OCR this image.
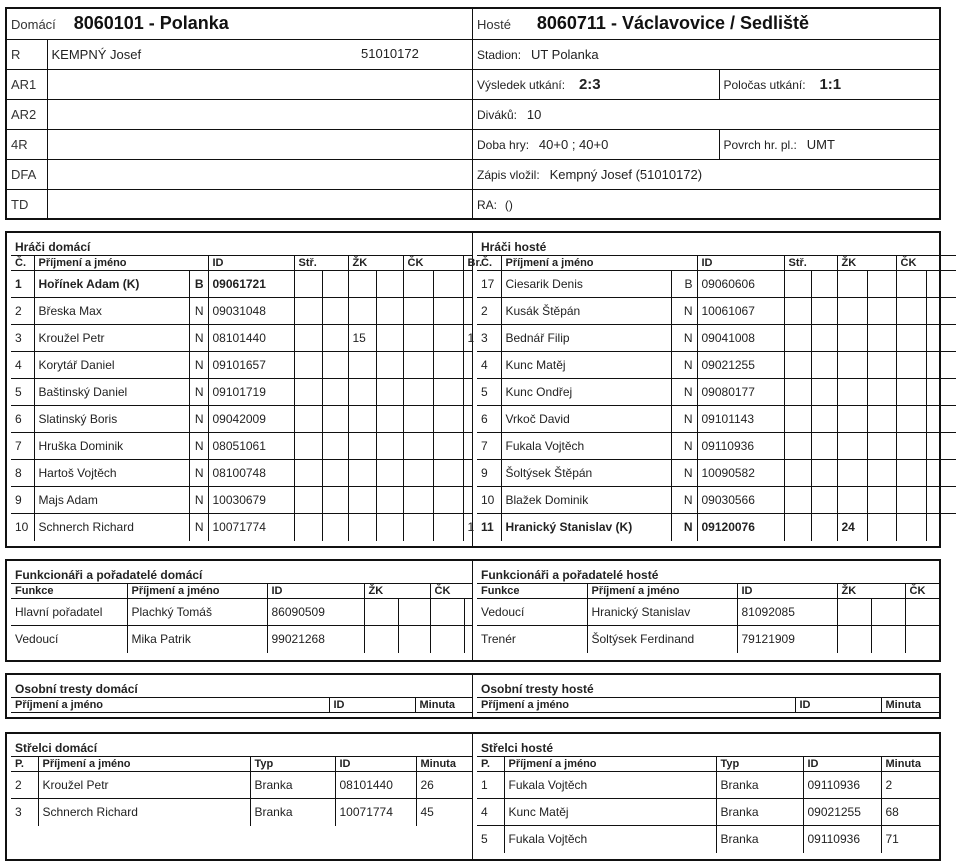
Domácí 8060101 - Polanka	
R	KEMPNÝ Josef 51010172

AR1	
AR2	
4R	
DFA	
TD	
Hosté 8060711 - Václavovice / Sedliště	
Stadion: UT Polanka	
Výsledek utkání: 2:3	Poločas utkání: 1:1
Diváků: 10	
Doba hry: 40+0 ; 40+0	Povrch hr. pl.: UMT
Zápis vložil: Kempný Josef (51010172)	
RA: ()	
Hráči domácí
Č.	Příjmení a jméno		ID	Stř.		ŽK		ČK		Br.
1	Hořínek Adam (K)	B	09061721							
2	Břeska Max	N	09031048							
3	Kroužel Petr	N	08101440			15				1
4	Korytář Daniel	N	09101657							
5	Baštinský Daniel	N	09101719							
6	Slatinský Boris	N	09042009							
7	Hruška Dominik	N	08051061							
8	Hartoš Vojtěch	N	08100748							
9	Majs Adam	N	10030679							
10	Schnerch Richard	N	10071774							1
Hráči hosté
Č.	Příjmení a jméno		ID	Stř.		ŽK		ČK	
17	Ciesarik Denis	B	09060606							
2	Kusák Štěpán	N	10061067							
3	Bednář Filip	N	09041008							
4	Kunc Matěj	N	09021255							
5	Kunc Ondřej	N	09080177							
6	Vrkoč David	N	09101143							
7	Fukala Vojtěch	N	09110936							
9	Šoltýsek Štěpán	N	10090582							
10	Blažek Dominik	N	09030566							
11	Hranický Stanislav (K)	N	09120076			24				
Funkcionáři a pořadatelé domácí
Funkce	Příjmení a jméno	ID	ŽK		ČK	
Hlavní pořadatel	Plachký Tomáš	86090509				
Vedoucí	Mika Patrik	99021268				
Funkcionáři a pořadatelé hosté
Funkce	Příjmení a jméno	ID	ŽK		ČK
Vedoucí	Hranický Stanislav	81092085			
Trenér	Šoltýsek Ferdinand	79121909			
Osobní tresty domácí
Příjmení a jméno	ID	Minuta
Osobní tresty hosté
Příjmení a jméno	ID	Minuta
Střelci domácí
P.	Příjmení a jméno	Typ	ID	Minuta
2	Kroužel Petr	Branka	08101440	26
3	Schnerch Richard	Branka	10071774	45
Střelci hosté
P.	Příjmení a jméno	Typ	ID	Minuta
1	Fukala Vojtěch	Branka	09110936	2
4	Kunc Matěj	Branka	09021255	68
5	Fukala Vojtěch	Branka	09110936	71
